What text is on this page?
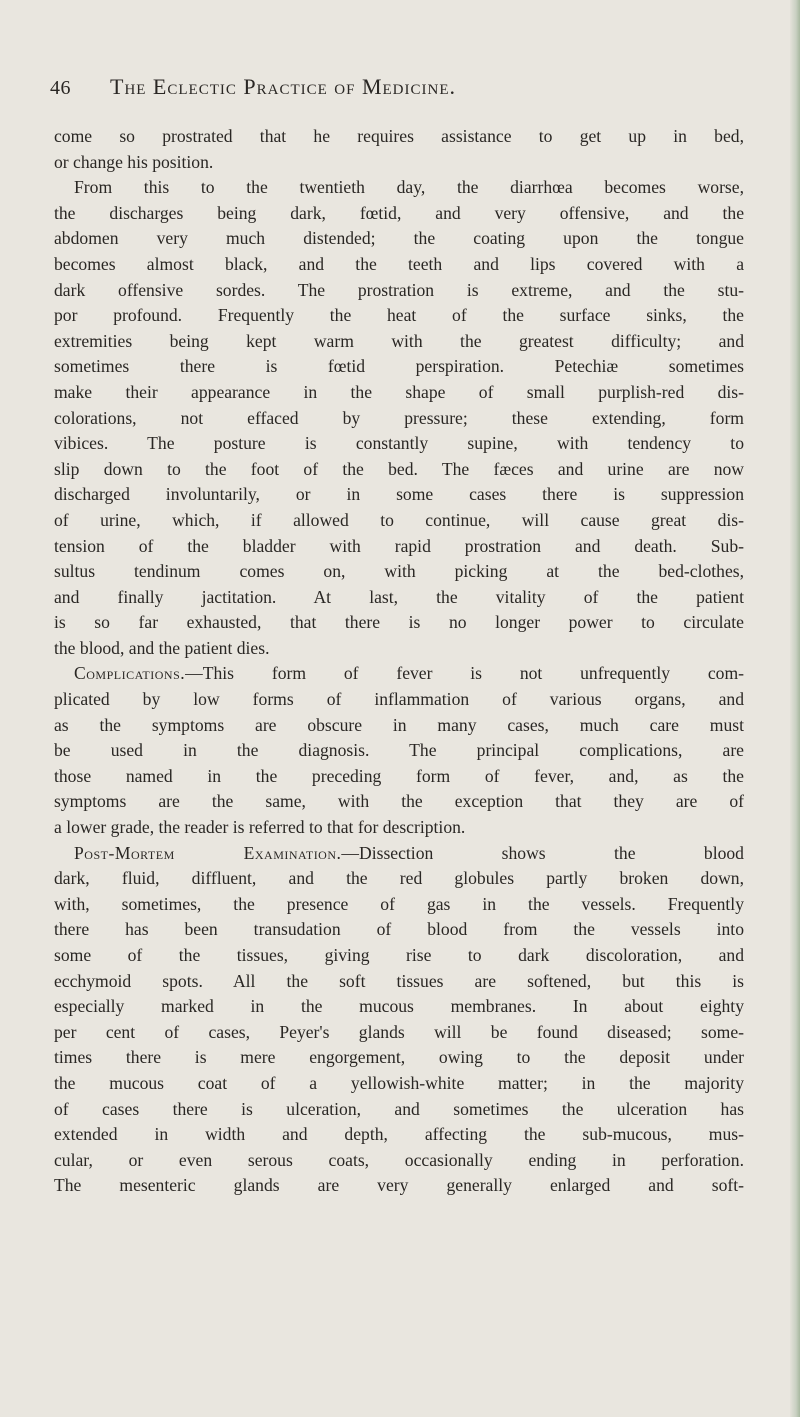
46 The Eclectic Practice of Medicine.
come so prostrated that he requires assistance to get up in bed,
or change his position.
From this to the twentieth day, the diarrhœa becomes worse,
the discharges being dark, fœtid, and very offensive, and the
abdomen very much distended; the coating upon the tongue
becomes almost black, and the teeth and lips covered with a
dark offensive sordes. The prostration is extreme, and the stu-
por profound. Frequently the heat of the surface sinks, the
extremities being kept warm with the greatest difficulty; and
sometimes there is fœtid perspiration. Petechiæ sometimes
make their appearance in the shape of small purplish-red dis-
colorations, not effaced by pressure; these extending, form
vibices. The posture is constantly supine, with tendency to
slip down to the foot of the bed. The fæces and urine are now
discharged involuntarily, or in some cases there is suppression
of urine, which, if allowed to continue, will cause great dis-
tension of the bladder with rapid prostration and death. Sub-
sultus tendinum comes on, with picking at the bed-clothes,
and finally jactitation. At last, the vitality of the patient
is so far exhausted, that there is no longer power to circulate
the blood, and the patient dies.
Complications.—This form of fever is not unfrequently com-
plicated by low forms of inflammation of various organs, and
as the symptoms are obscure in many cases, much care must
be used in the diagnosis. The principal complications, are
those named in the preceding form of fever, and, as the
symptoms are the same, with the exception that they are of
a lower grade, the reader is referred to that for description.
Post-Mortem Examination.—Dissection shows the blood
dark, fluid, diffluent, and the red globules partly broken down,
with, sometimes, the presence of gas in the vessels. Frequently
there has been transudation of blood from the vessels into
some of the tissues, giving rise to dark discoloration, and
ecchymoid spots. All the soft tissues are softened, but this is
especially marked in the mucous membranes. In about eighty
per cent of cases, Peyer's glands will be found diseased; some-
times there is mere engorgement, owing to the deposit under
the mucous coat of a yellowish-white matter; in the majority
of cases there is ulceration, and sometimes the ulceration has
extended in width and depth, affecting the sub-mucous, mus-
cular, or even serous coats, occasionally ending in perforation.
The mesenteric glands are very generally enlarged and soft-
